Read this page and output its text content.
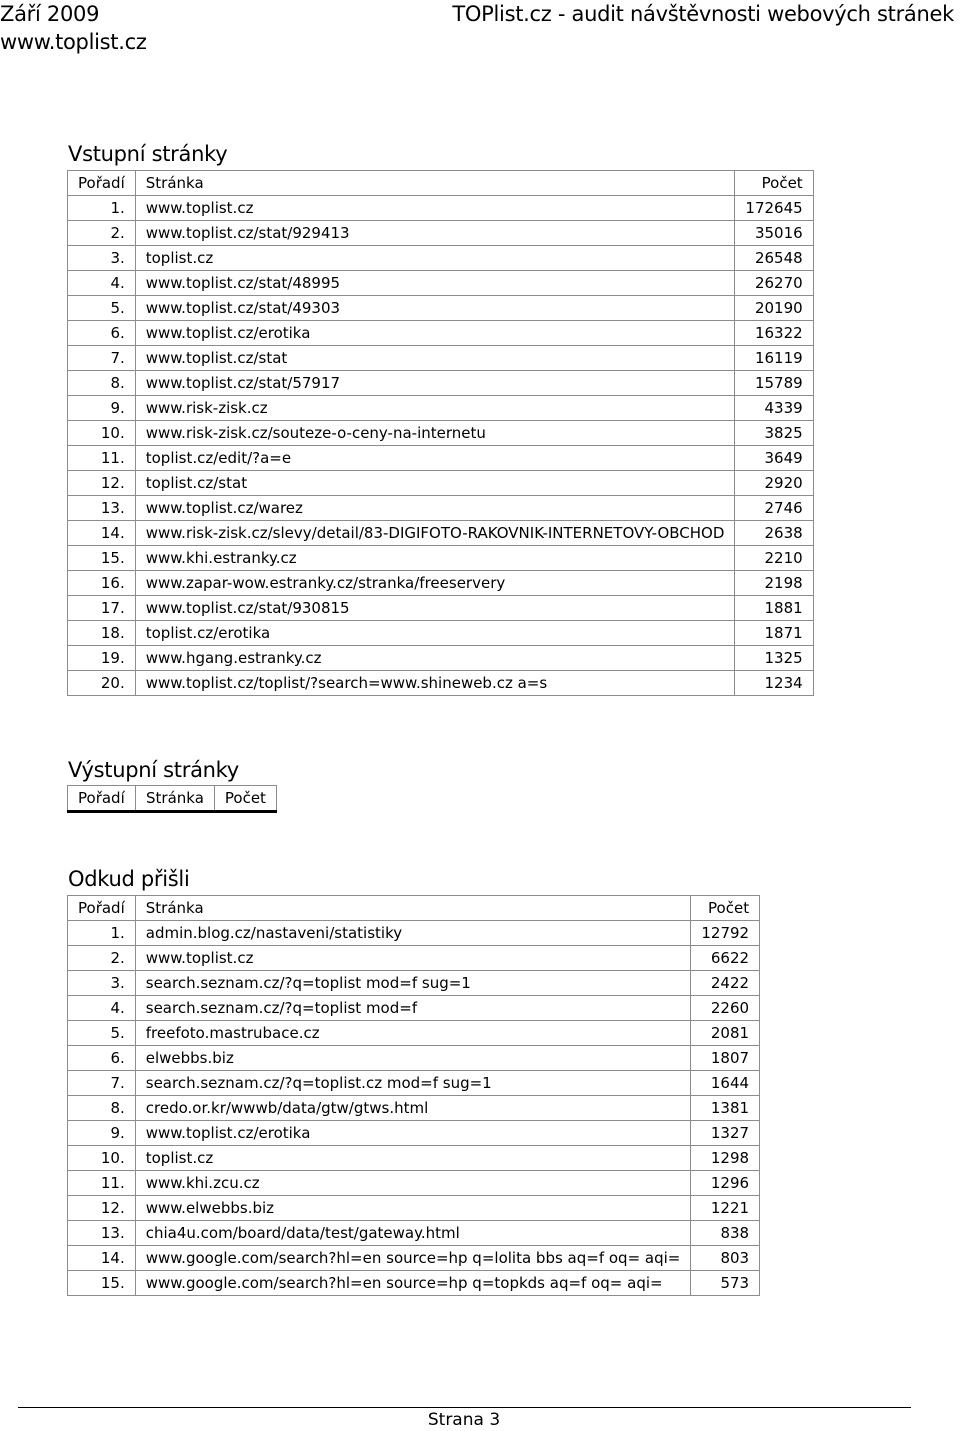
Září 2009
www.toplist.cz
TOPlist.cz - audit návštěvnosti webových stránek
Vstupní stránky
Pořadí	Stránka	Počet
1.	www.toplist.cz	172645
2.	www.toplist.cz/stat/929413	35016
3.	toplist.cz	26548
4.	www.toplist.cz/stat/48995	26270
5.	www.toplist.cz/stat/49303	20190
6.	www.toplist.cz/erotika	16322
7.	www.toplist.cz/stat	16119
8.	www.toplist.cz/stat/57917	15789
9.	www.risk-zisk.cz	4339
10.	www.risk-zisk.cz/souteze-o-ceny-na-internetu	3825
11.	toplist.cz/edit/?a=e	3649
12.	toplist.cz/stat	2920
13.	www.toplist.cz/warez	2746
14.	www.risk-zisk.cz/slevy/detail/83-DIGIFOTO-RAKOVNIK-INTERNETOVY-OBCHOD	2638
15.	www.khi.estranky.cz	2210
16.	www.zapar-wow.estranky.cz/stranka/freeservery	2198
17.	www.toplist.cz/stat/930815	1881
18.	toplist.cz/erotika	1871
19.	www.hgang.estranky.cz	1325
20.	www.toplist.cz/toplist/?search=www.shineweb.cz a=s	1234
Výstupní stránky
Pořadí	Stránka	Počet
Odkud přišli
Pořadí	Stránka	Počet
1.	admin.blog.cz/nastaveni/statistiky	12792
2.	www.toplist.cz	6622
3.	search.seznam.cz/?q=toplist mod=f sug=1	2422
4.	search.seznam.cz/?q=toplist mod=f	2260
5.	freefoto.mastrubace.cz	2081
6.	elwebbs.biz	1807
7.	search.seznam.cz/?q=toplist.cz mod=f sug=1	1644
8.	credo.or.kr/wwwb/data/gtw/gtws.html	1381
9.	www.toplist.cz/erotika	1327
10.	toplist.cz	1298
11.	www.khi.zcu.cz	1296
12.	www.elwebbs.biz	1221
13.	chia4u.com/board/data/test/gateway.html	838
14.	www.google.com/search?hl=en source=hp q=lolita bbs aq=f oq= aqi=	803
15.	www.google.com/search?hl=en source=hp q=topkds aq=f oq= aqi=	573
Strana 3
